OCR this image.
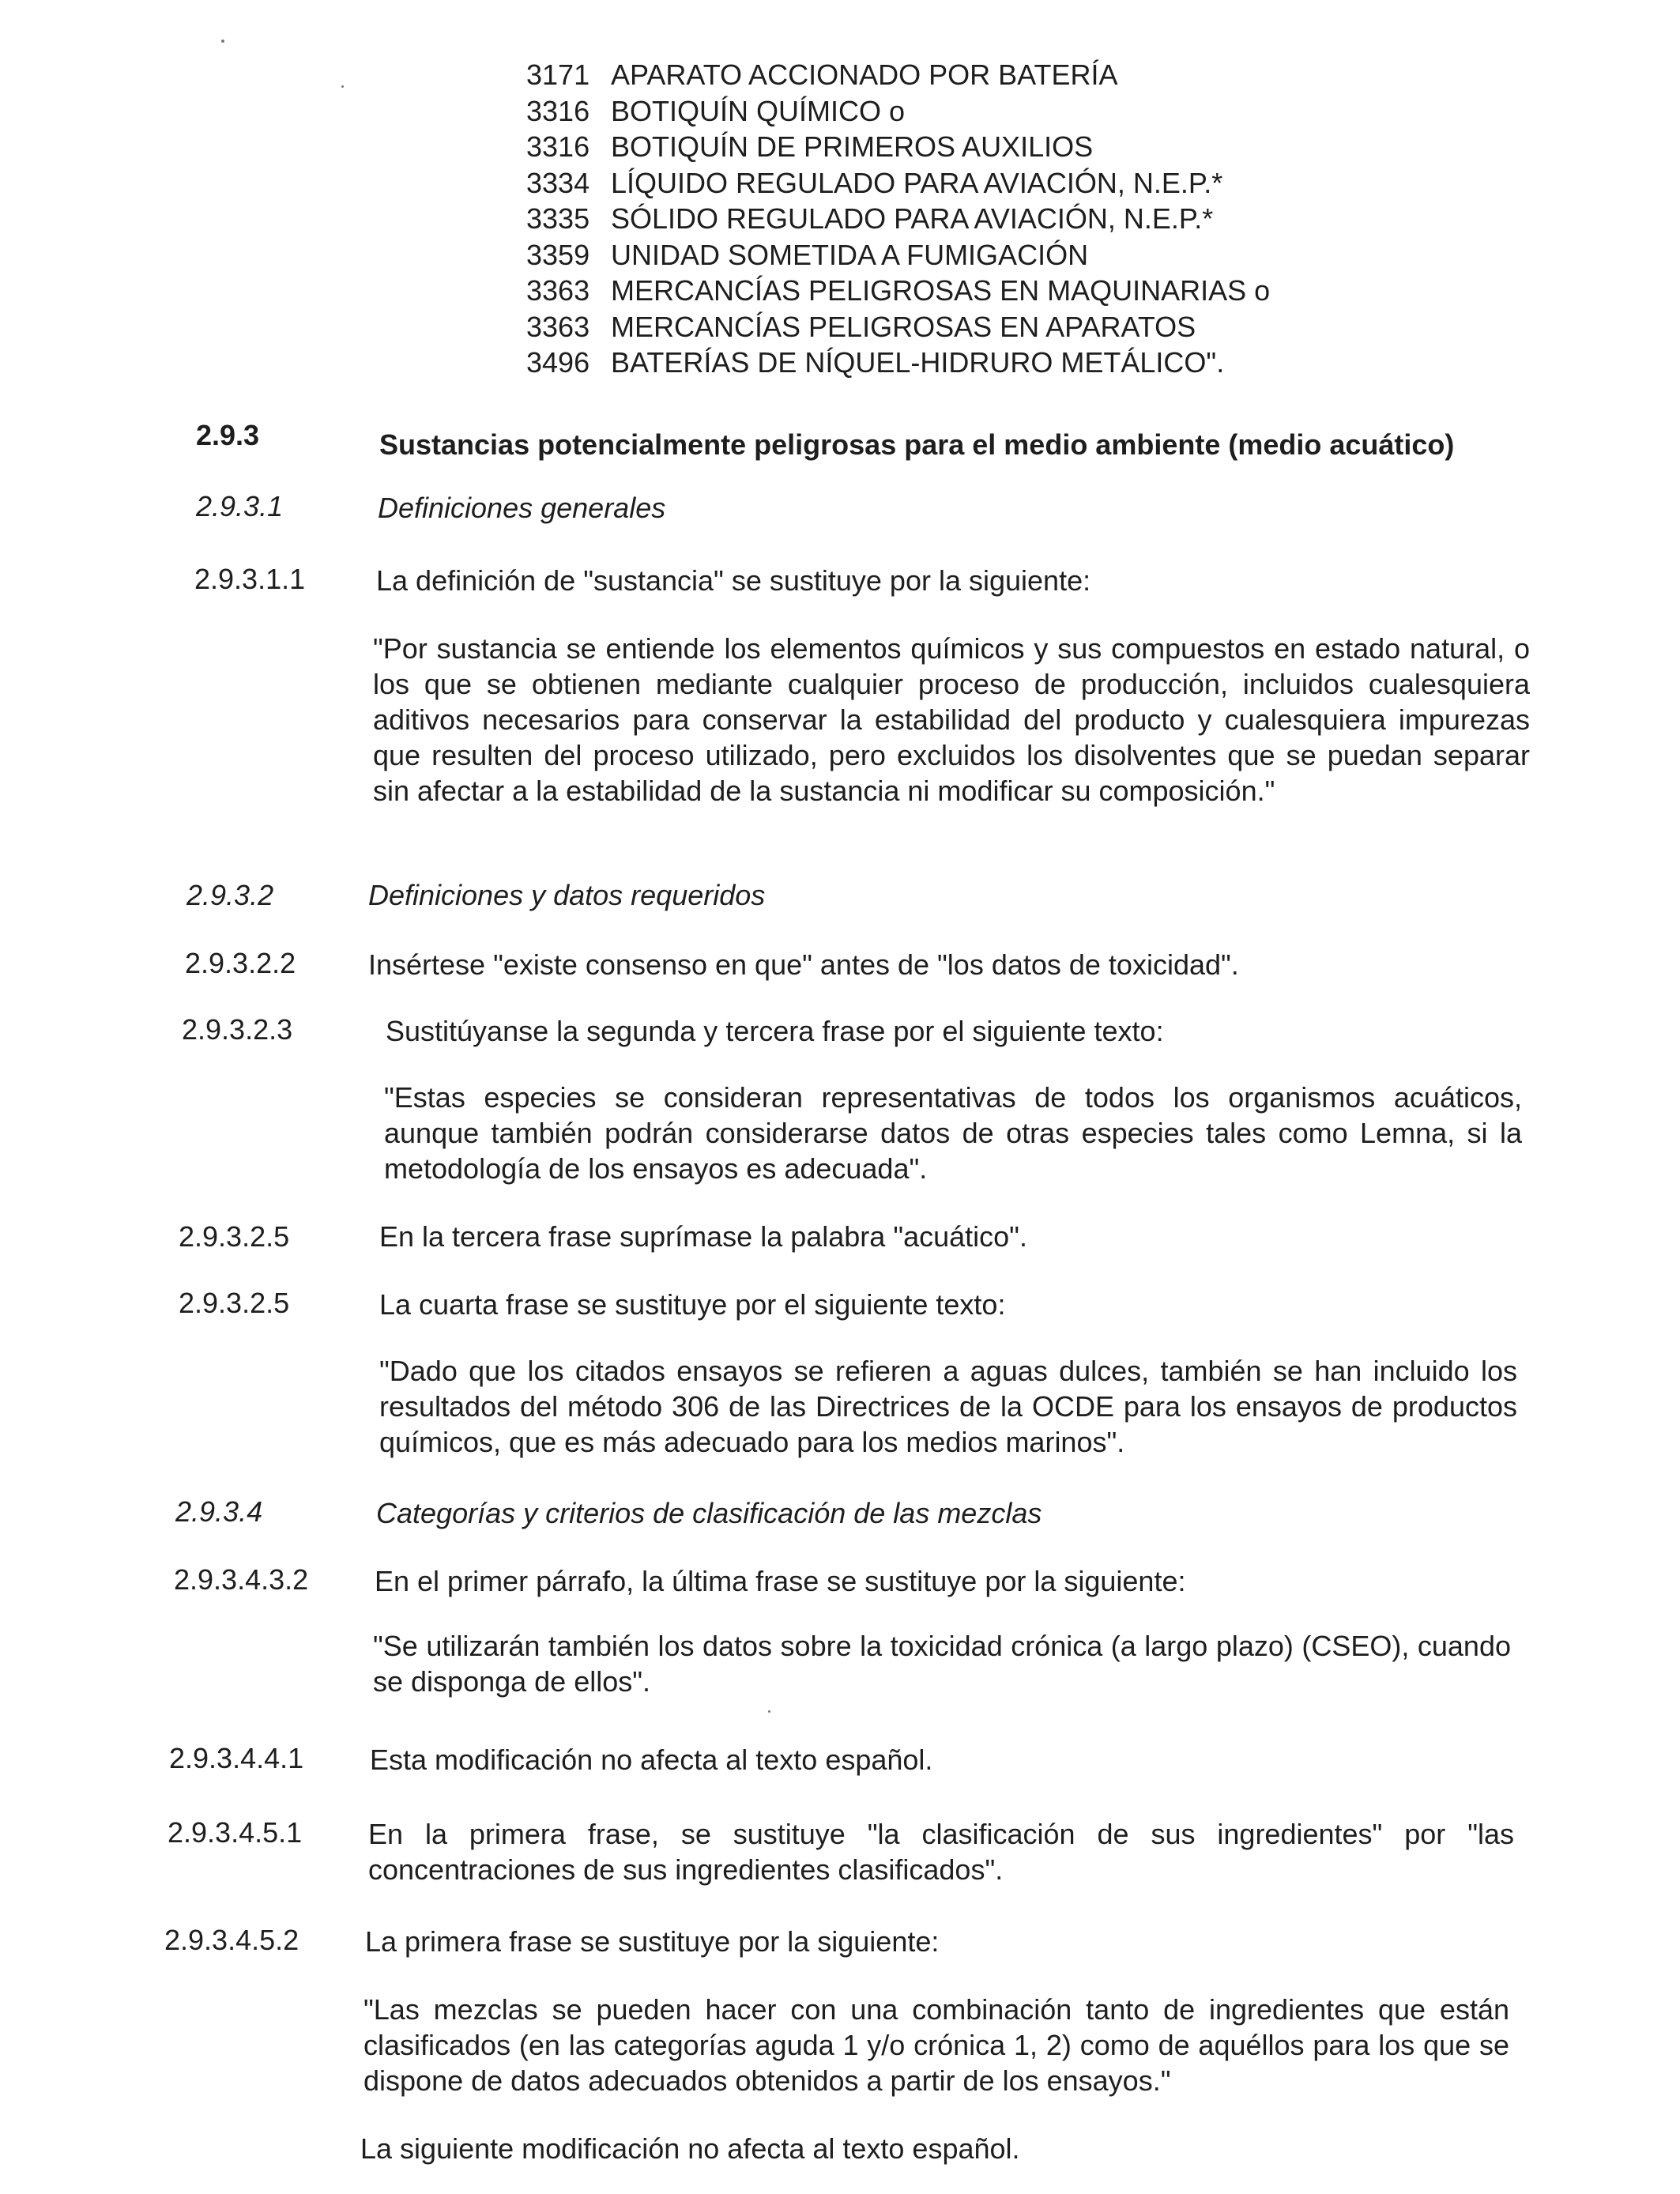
3171 APARATO ACCIONADO POR BATERÍA
3316 BOTIQUÍN QUÍMICO o
3316 BOTIQUÍN DE PRIMEROS AUXILIOS
3334 LÍQUIDO REGULADO PARA AVIACIÓN, N.E.P.*
3335 SÓLIDO REGULADO PARA AVIACIÓN, N.E.P.*
3359 UNIDAD SOMETIDA A FUMIGACIÓN
3363 MERCANCÍAS PELIGROSAS EN MAQUINARIAS o
3363 MERCANCÍAS PELIGROSAS EN APARATOS
3496 BATERÍAS DE NÍQUEL-HIDRURO METÁLICO".
2.9.3	Sustancias potencialmente peligrosas para el medio ambiente (medio acuático)
2.9.3.1	Definiciones generales
2.9.3.1.1 La definición de "sustancia" se sustituye por la siguiente:
"Por sustancia se entiende los elementos químicos y sus compuestos en estado natural, o los que se obtienen mediante cualquier proceso de producción, incluidos cualesquiera aditivos necesarios para conservar la estabilidad del producto y cualesquiera impurezas que resulten del proceso utilizado, pero excluidos los disolventes que se puedan separar sin afectar a la estabilidad de la sustancia ni modificar su composición."
2.9.3.2	Definiciones y datos requeridos
2.9.3.2.2	Insértese "existe consenso en que" antes de "los datos de toxicidad".
2.9.3.2.3	Sustitúyanse la segunda y tercera frase por el siguiente texto:
"Estas especies se consideran representativas de todos los organismos acuáticos, aunque también podrán considerarse datos de otras especies tales como Lemna, si la metodología de los ensayos es adecuada".
2.9.3.2.5	En la tercera frase suprímase la palabra "acuático".
2.9.3.2.5	La cuarta frase se sustituye por el siguiente texto:
"Dado que los citados ensayos se refieren a aguas dulces, también se han incluido los resultados del método 306 de las Directrices de la OCDE para los ensayos de productos químicos, que es más adecuado para los medios marinos".
2.9.3.4	Categorías y criterios de clasificación de las mezclas
2.9.3.4.3.2 En el primer párrafo, la última frase se sustituye por la siguiente:
"Se utilizarán también los datos sobre la toxicidad crónica (a largo plazo) (CSEO), cuando se disponga de ellos".
2.9.3.4.4.1 Esta modificación no afecta al texto español.
2.9.3.4.5.1 En la primera frase, se sustituye "la clasificación de sus ingredientes" por "las concentraciones de sus ingredientes clasificados".
2.9.3.4.5.2 La primera frase se sustituye por la siguiente:
"Las mezclas se pueden hacer con una combinación tanto de ingredientes que están clasificados (en las categorías aguda 1 y/o crónica 1, 2) como de aquéllos para los que se dispone de datos adecuados obtenidos a partir de los ensayos."
La siguiente modificación no afecta al texto español.
